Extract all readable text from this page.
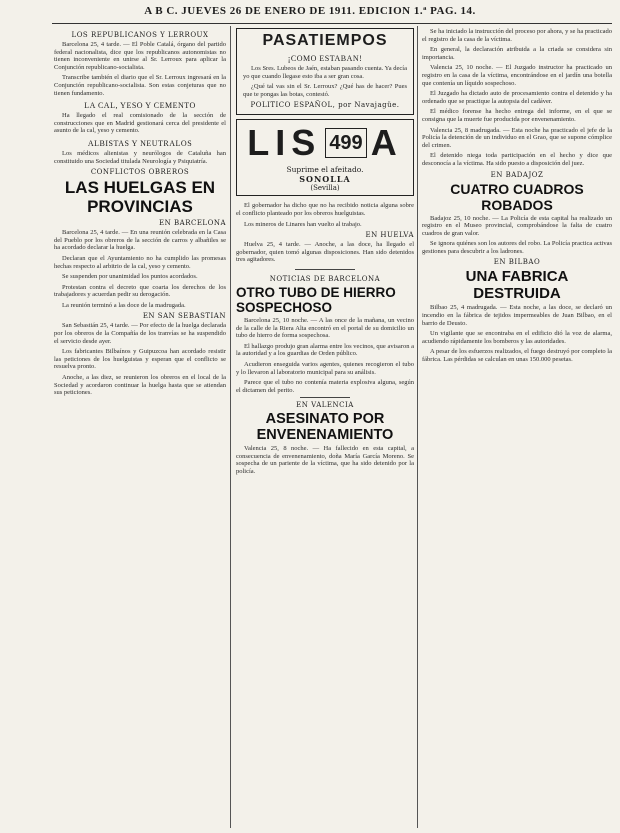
A B C. JUEVES 26 DE ENERO DE 1911. EDICION 1.ª PAG. 14.
LOS REPUBLICANOS Y LERROUX

Barcelona 25, 4 tarde. — El Poble Catalá, órgano del partido federal nacionalista, dice que los republicanos autonomistas no tienen inconveniente en unirse al Sr. Lerroux para aplicar la Conjunción republicano-socialista.

Transcribe también el diario que el Sr. Lerroux ingresará en la Conjunción republicano-socialista. Son estas conjeturas que no tienen fundamento.

LA CAL, YESO Y CEMENTO

Ha llegado el real comisionado de la sección de construcciones que en Madrid gestionará cerca del presidente el asunto de la cal, yeso y cemento.

ALBISTAS Y NEUTRALOS

Los médicos alienistas y neurólogos de Cataluña han constituido una Sociedad titulada Neurología y Psiquiatría.

CONFLICTOS OBREROS
LAS HUELGAS EN PROVINCIAS
EN BARCELONA

Barcelona 25, 4 tarde. — En una reunión celebrada en la Casa del Pueblo por los obreros de la sección de carros y albañiles se ha acordado declarar la huelga.

Declaran que el Ayuntamiento no ha cumplido las promesas hechas respecto al arbitrio de la cal, yeso y cemento.

Se suspenden por unanimidad los puntos acordados.

Protestan contra el decreto que coarta los derechos de los trabajadores y acuerdan pedir su derogación.

La reunión terminó a las doce de la madrugada.

EN SAN SEBASTIAN

San Sebastián 25, 4 tarde. — Por efecto de la huelga declarada por los obreros de la Compañía de los tranvías se ha suspendido el servicio desde ayer.

Los fabricantes Bilbaínos y Guipuzcoa han acordado resistir las peticiones de los huelguistas y esperan que el conflicto se resuelva pronto.

Anoche, a las diez, se reunieron los obreros en el local de la Sociedad y acordaron continuar la huelga hasta que se atiendan sus peticiones.

PASATIEMPOS
¡COMO ESTABAN!

Los Sres. Lubeos de Jaén, estaban pasando cuenta. Ya decía yo que cuando llegase esto iba a ser gran cosa.

¿Qué tal vas sin el Sr. Lerroux? ¿Qué has de hacer? Pues que te pongas las botas, contestó.

POLITICO ESPAÑOL, por Navajagüe.
LIS 499 A
Suprime el afeitado.
SONOLLA
(Sevilla)

El gobernador ha dicho que no ha recibido noticia alguna sobre el conflicto planteado por los obreros huelguistas.

Los mineros de Linares han vuelto al trabajo.

EN HUELVA

Huelva 25, 4 tarde. — Anoche, a las doce, ha llegado el gobernador, quien tomó algunas disposiciones. Han sido detenidos tres agitadores.

NOTICIAS DE BARCELONA
OTRO TUBO DE HIERRO SOSPECHOSO

Barcelona 25, 10 noche. — A las once de la mañana, un vecino de la calle de la Riera Alta encontró en el portal de su domicilio un tubo de hierro de forma sospechosa.

El hallazgo produjo gran alarma entre los vecinos, que avisaron a la autoridad y a los guardias de Orden público.

Acudieron enseguida varios agentes, quienes recogieron el tubo y lo llevaron al laboratorio municipal para su análisis.

Parece que el tubo no contenía materia explosiva alguna, según el dictamen del perito.

EN VALENCIA
ASESINATO POR ENVENENAMIENTO

Valencia 25, 8 noche. — Ha fallecido en esta capital, a consecuencia de envenenamiento, doña María García Moreno. Se sospecha de un pariente de la víctima, que ha sido detenido por la policía.

Se ha iniciado la instrucción del proceso por ahora, y se ha practicado el registro de la casa de la víctima.

En general, la declaración atribuida a la criada se considera sin importancia.

Valencia 25, 10 noche. — El Juzgado instructor ha practicado un registro en la casa de la víctima, encontrándose en el jardín una botella que contenía un líquido sospechoso.

El Juzgado ha dictado auto de procesamiento contra el detenido y ha ordenado que se practique la autopsia del cadáver.

El médico forense ha hecho entrega del informe, en el que se consigna que la muerte fue producida por envenenamiento.

Valencia 25, 8 madrugada. — Esta noche ha practicado el jefe de la Policía la detención de un individuo en el Grao, que se supone cómplice del crimen.

El detenido niega toda participación en el hecho y dice que desconocía a la víctima. Ha sido puesto a disposición del juez.

EN BADAJOZ
CUATRO CUADROS ROBADOS

Badajoz 25, 10 noche. — La Policía de esta capital ha realizado un registro en el Museo provincial, comprobándose la falta de cuatro cuadros de gran valor.

Se ignora quiénes son los autores del robo. La Policía practica activas gestiones para descubrir a los ladrones.

EN BILBAO
UNA FABRICA DESTRUIDA

Bilbao 25, 4 madrugada. — Esta noche, a las doce, se declaró un incendio en la fábrica de tejidos impermeables de Juan Bilbao, en el barrio de Deusto.

Un vigilante que se encontraba en el edificio dió la voz de alarma, acudiendo rápidamente los bomberos y las autoridades.

A pesar de los esfuerzos realizados, el fuego destruyó por completo la fábrica. Las pérdidas se calculan en unas 150.000 pesetas.
